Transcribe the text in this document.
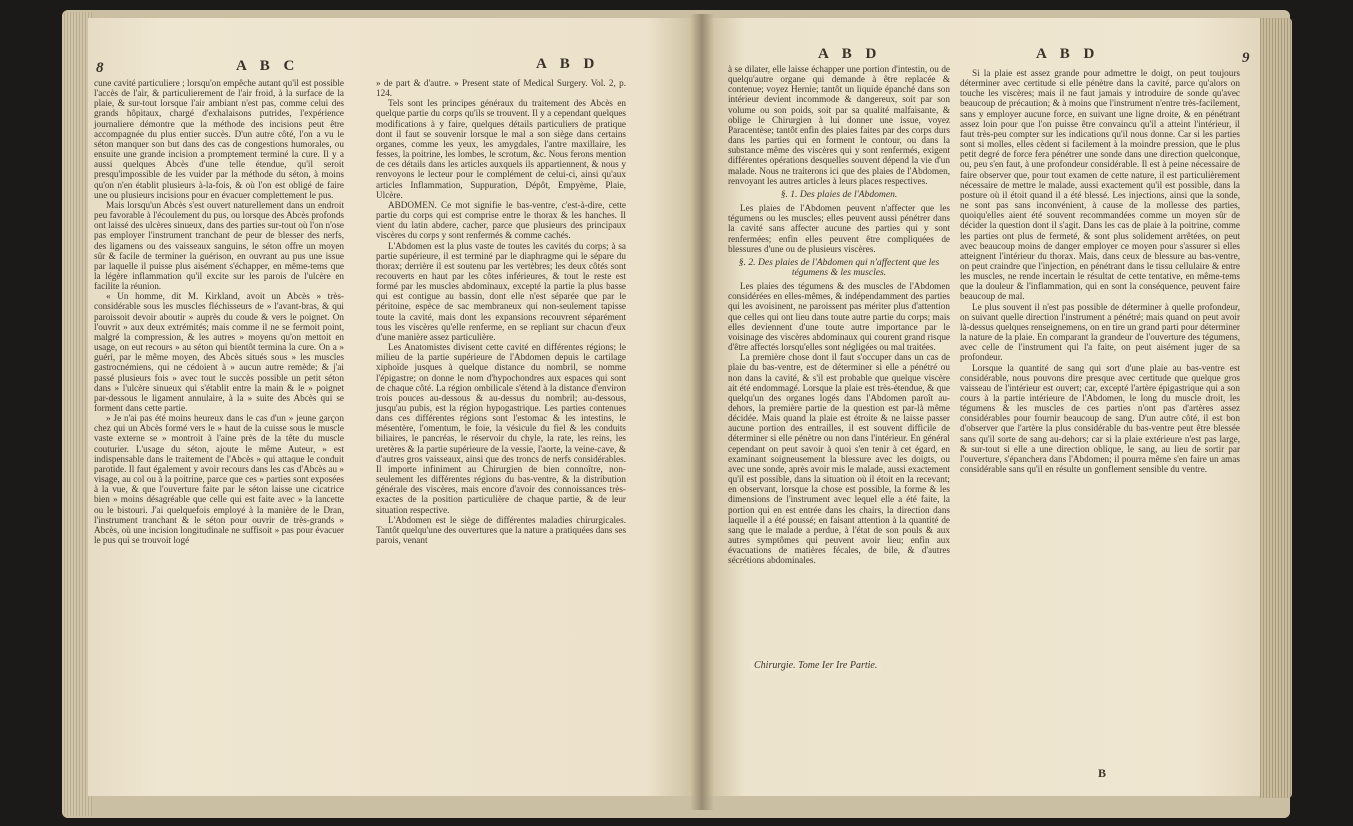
8	A B C	A B D

cune cavité particuliere ; lorsqu'on empêche autant qu'il est possible l'accès de l'air, & particulierement de l'air froid, à la surface de la plaie, & sur-tout lorsque l'air ambiant n'est pas, comme celui des grands hôpitaux, chargé d'exhalaisons putrides, l'expérience journaliere démontre que la méthode des incisions peut être accompagnée du plus entier succès. D'un autre côté, l'on a vu le séton manquer son but dans des cas de congestions humorales, ou ensuite une grande incision a promptement terminé la cure. Il y a aussi quelques Abcès d'une telle étendue, qu'il seroit presqu'impossible de les vuider par la méthode du séton, à moins qu'on n'en établit plusieurs à-la-fois, & où l'on est obligé de faire une ou plusieurs incisions pour en évacuer complettement le pus.

Mais lorsqu'un Abcès s'est ouvert naturellement dans un endroit peu favorable à l'écoulement du pus, ou lorsque des Abcès profonds ont laissé des ulcères sinueux, dans des parties sur-tout où l'on n'ose pas employer l'instrument tranchant de peur de blesser des nerfs, des ligamens ou des vaisseaux sanguins, le séton offre un moyen sûr & facile de terminer la guérison, en ouvrant au pus une issue par laquelle il puisse plus aisément s'échapper, en même-tems que la légère inflammation qu'il excite sur les parois de l'ulcère en facilite la réunion.

« Un homme, dit M. Kirkland, avoit un Abcès » très-considérable sous les muscles fléchisseurs de » l'avant-bras, & qui paroissoit devoir aboutir » auprès du coude & vers le poignet. On l'ouvrit » aux deux extrémités; mais comme il ne se fermoit point, malgré la compression, & les autres » moyens qu'on mettoit en usage, on eut recours » au séton qui bientôt termina la cure. On a » guéri, par le même moyen, des Abcès situés sous » les muscles gastrocnémiens, qui ne cédoient à » aucun autre remède; & j'ai passé plusieurs fois » avec tout le succès possible un petit séton dans » l'ulcère sinueux qui s'établit entre la main & le » poignet par-dessous le ligament annulaire, à la » suite des Abcès qui se forment dans cette partie.

» Je n'ai pas été moins heureux dans le cas d'un » jeune garçon chez qui un Abcès formé vers le » haut de la cuisse sous le muscle vaste externe se » montroit à l'aine près de la tête du muscle couturier. L'usage du séton, ajoute le même Auteur, » est indispensable dans le traitement de l'Abcès » qui attaque le conduit parotide. Il faut également y avoir recours dans les cas d'Abcès au » visage, au col ou à la poitrine, parce que ces » parties sont exposées à la vue, & que l'ouverture faite par le séton laisse une cicatrice bien » moins désagréable que celle qui est faite avec » la lancette ou le bistouri. J'ai quelquefois employé à la manière de le Dran, l'instrument tranchant & le séton pour ouvrir de très-grands » Abcès, où une incision longitudinale ne suffisoit » pas pour évacuer le pus qui se trouvoit logé

» de part & d'autre. » Present state of Medical Surgery. Vol. 2, p. 124.

Tels sont les principes généraux du traitement des Abcès en quelque partie du corps qu'ils se trouvent. Il y a cependant quelques modifications à y faire, quelques détails particuliers de pratique dont il faut se souvenir lorsque le mal a son siège dans certains organes, comme les yeux, les amygdales, l'antre maxillaire, les fesses, la poitrine, les lombes, le scrotum, &c. Nous ferons mention de ces détails dans les articles auxquels ils appartiennent, & nous y renvoyons le lecteur pour le complément de celui-ci, ainsi qu'aux articles Inflammation, Suppuration, Dépôt, Empyème, Plaie, Ulcère.

ABDOMEN. Ce mot signifie le bas-ventre, c'est-à-dire, cette partie du corps qui est comprise entre le thorax & les hanches. Il vient du latin abdere, cacher, parce que plusieurs des principaux viscères du corps y sont renfermés & comme cachés.

L'Abdomen est la plus vaste de toutes les cavités du corps; à sa partie supérieure, il est terminé par le diaphragme qui le sépare du thorax; derrière il est soutenu par les vertèbres; les deux côtés sont recouverts en haut par les côtes inférieures, & tout le reste est formé par les muscles abdominaux, excepté la partie la plus basse qui est contigue au bassin, dont elle n'est séparée que par le péritoine, espèce de sac membraneux qui non-seulement tapisse toute la cavité, mais dont les expansions recouvrent séparément tous les viscères qu'elle renferme, en se repliant sur chacun d'eux d'une manière assez particulière.

Les Anatomistes divisent cette cavité en différentes régions; le milieu de la partie supérieure de l'Abdomen depuis le cartilage xiphoïde jusques à quelque distance du nombril, se nomme l'épigastre; on donne le nom d'hypochondres aux espaces qui sont de chaque côté. La région ombilicale s'étend à la distance d'environ trois pouces au-dessous & au-dessus du nombril; au-dessous, jusqu'au pubis, est la région hypogastrique. Les parties contenues dans ces différentes régions sont l'estomac & les intestins, le mésentère, l'omentum, le foie, la vésicule du fiel & les conduits biliaires, le pancréas, le réservoir du chyle, la rate, les reins, les uretères & la partie supérieure de la vessie, l'aorte, la veine-cave, & d'autres gros vaisseaux, ainsi que des troncs de nerfs considérables. Il importe infiniment au Chirurgien de bien connoître, non-seulement les différentes régions du bas-ventre, & la distribution générale des viscères, mais encore d'avoir des connoissances très-exactes de la position particulière de chaque partie, & de leur situation respective.

L'Abdomen est le siège de différentes maladies chirurgicales. Tantôt quelqu'une des ouvertures que la nature a pratiquées dans ses parois, venant

A B D	A B D	9

à se dilater, elle laisse échapper une portion d'intestin, ou de quelqu'autre organe qui demande à être replacée & contenue; voyez Hernie; tantôt un liquide épanché dans son intérieur devient incommode & dangereux, soit par son volume ou son poids, soit par sa qualité malfaisante, & oblige le Chirurgien à lui donner une issue, voyez Paracentèse; tantôt enfin des plaies faites par des corps durs dans les parties qui en forment le contour, ou dans la substance même des viscères qui y sont renfermés, exigent différentes opérations desquelles souvent dépend la vie d'un malade. Nous ne traiterons ici que des plaies de l'Abdomen, renvoyant les autres articles à leurs places respectives.

§. 1. Des plaies de l'Abdomen.

Les plaies de l'Abdomen peuvent n'affecter que les tégumens ou les muscles; elles peuvent aussi pénétrer dans la cavité sans affecter aucune des parties qui y sont renfermées; enfin elles peuvent être compliquées de blessures d'une ou de plusieurs viscères.

§. 2. Des plaies de l'Abdomen qui n'affectent que les tégumens & les muscles.

Les plaies des tégumens & des muscles de l'Abdomen considérées en elles-mêmes, & indépendamment des parties qui les avoisinent, ne paroissent pas mériter plus d'attention que celles qui ont lieu dans toute autre partie du corps; mais elles deviennent d'une toute autre importance par le voisinage des viscères abdominaux qui courent grand risque d'être affectés lorsqu'elles sont négligées ou mal traitées.

La première chose dont il faut s'occuper dans un cas de plaie du bas-ventre, est de déterminer si elle a pénétré ou non dans la cavité, & s'il est probable que quelque viscère ait été endommagé. Lorsque la plaie est très-étendue, & que quelqu'un des organes logés dans l'Abdomen paroît au-dehors, la première partie de la question est par-là même décidée. Mais quand la plaie est étroite & ne laisse passer aucune portion des entrailles, il est souvent difficile de déterminer si elle pénètre ou non dans l'intérieur. En général cependant on peut savoir à quoi s'en tenir à cet égard, en examinant soigneusement la blessure avec les doigts, ou avec une sonde, après avoir mis le malade, aussi exactement qu'il est possible, dans la situation où il étoit en la recevant; en observant, lorsque la chose est possible, la forme & les dimensions de l'instrument avec lequel elle a été faite, la portion qui en est entrée dans les chairs, la direction dans laquelle il a été poussé; en faisant attention à la quantité de sang que le malade a perdue, à l'état de son pouls & aux autres symptômes qui peuvent avoir lieu; enfin aux évacuations de matières fécales, de bile, & d'autres sécrétions abdominales.

Si la plaie est assez grande pour admettre le doigt, on peut toujours déterminer avec certitude si elle pénètre dans la cavité, parce qu'alors on touche les viscères; mais il ne faut jamais y introduire de sonde qu'avec beaucoup de précaution; & à moins que l'instrument n'entre très-facilement, sans y employer aucune force, en suivant une ligne droite, & en pénétrant assez loin pour que l'on puisse être convaincu qu'il a atteint l'intérieur, il faut très-peu compter sur les indications qu'il nous donne. Car si les parties sont si molles, elles cèdent si facilement à la moindre pression, que le plus petit degré de force fera pénétrer une sonde dans une direction quelconque, ou, peu s'en faut, à une profondeur considérable. Il est à peine nécessaire de faire observer que, pour tout examen de cette nature, il est particulièrement nécessaire de mettre le malade, aussi exactement qu'il est possible, dans la posture où il étoit quand il a été blessé. Les injections, ainsi que la sonde, ne sont pas sans inconvénient, à cause de la mollesse des parties, quoiqu'elles aient été souvent recommandées comme un moyen sûr de décider la question dont il s'agit. Dans les cas de plaie à la poitrine, comme les parties ont plus de fermeté, & sont plus solidement arrêtées, on peut avec beaucoup moins de danger employer ce moyen pour s'assurer si elles atteignent l'intérieur du thorax. Mais, dans ceux de blessure au bas-ventre, on peut craindre que l'injection, en pénétrant dans le tissu cellulaire & entre les muscles, ne rende incertain le résultat de cette tentative, en même-tems que la douleur & l'inflammation, qui en sont la conséquence, peuvent faire beaucoup de mal.

Le plus souvent il n'est pas possible de déterminer à quelle profondeur, on suivant quelle direction l'instrument a pénétré; mais quand on peut avoir là-dessus quelques renseignemens, on en tire un grand parti pour déterminer la nature de la plaie. En comparant la grandeur de l'ouverture des tégumens, avec celle de l'instrument qui l'a faite, on peut aisément juger de sa profondeur.

Lorsque la quantité de sang qui sort d'une plaie au bas-ventre est considérable, nous pouvons dire presque avec certitude que quelque gros vaisseau de l'intérieur est ouvert; car, excepté l'artère épigastrique qui a son cours à la partie intérieure de l'Abdomen, le long du muscle droit, les tégumens & les muscles de ces parties n'ont pas d'artères assez considérables pour fournir beaucoup de sang. D'un autre côté, il est bon d'observer que l'artère la plus considérable du bas-ventre peut être blessée sans qu'il sorte de sang au-dehors; car si la plaie extérieure n'est pas large, & sur-tout si elle a une direction oblique, le sang, au lieu de sortir par l'ouverture, s'épanchera dans l'Abdomen; il pourra même s'en faire un amas considérable sans qu'il en résulte un gonflement sensible du ventre.

Chirurgie. Tome Ier Ire Partie.
B
